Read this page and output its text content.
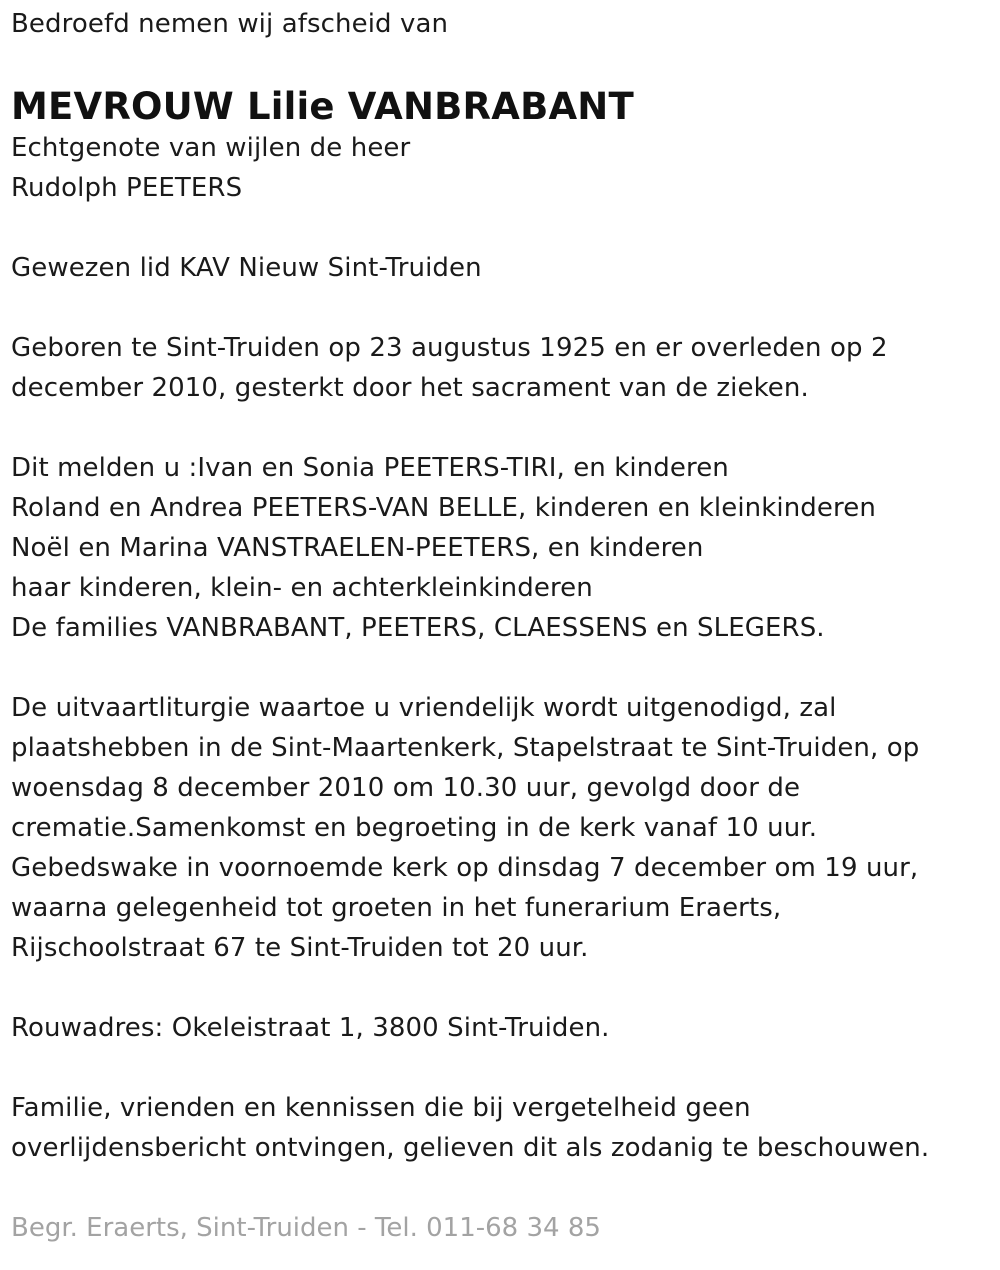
Bedroefd nemen wij afscheid van
MEVROUW Lilie VANBRABANT
Echtgenote van wijlen de heer
Rudolph PEETERS
Gewezen lid KAV Nieuw Sint-Truiden
Geboren te Sint-Truiden op 23 augustus 1925 en er overleden op 2
december 2010, gesterkt door het sacrament van de zieken.
Dit melden u :Ivan en Sonia PEETERS-TIRI, en kinderen
Roland en Andrea PEETERS-VAN BELLE, kinderen en kleinkinderen
Noël en Marina VANSTRAELEN-PEETERS, en kinderen
haar kinderen, klein- en achterkleinkinderen
De families VANBRABANT, PEETERS, CLAESSENS en SLEGERS.
De uitvaartliturgie waartoe u vriendelijk wordt uitgenodigd, zal
plaatshebben in de Sint-Maartenkerk, Stapelstraat te Sint-Truiden, op
woensdag 8 december 2010 om 10.30 uur, gevolgd door de
crematie.Samenkomst en begroeting in de kerk vanaf 10 uur.
Gebedswake in voornoemde kerk op dinsdag 7 december om 19 uur,
waarna gelegenheid tot groeten in het funerarium Eraerts,
Rijschoolstraat 67 te Sint-Truiden tot 20 uur.
Rouwadres: Okeleistraat 1, 3800 Sint-Truiden.
Familie, vrienden en kennissen die bij vergetelheid geen
overlijdensbericht ontvingen, gelieven dit als zodanig te beschouwen.
Begr. Eraerts, Sint-Truiden - Tel. 011-68 34 85
